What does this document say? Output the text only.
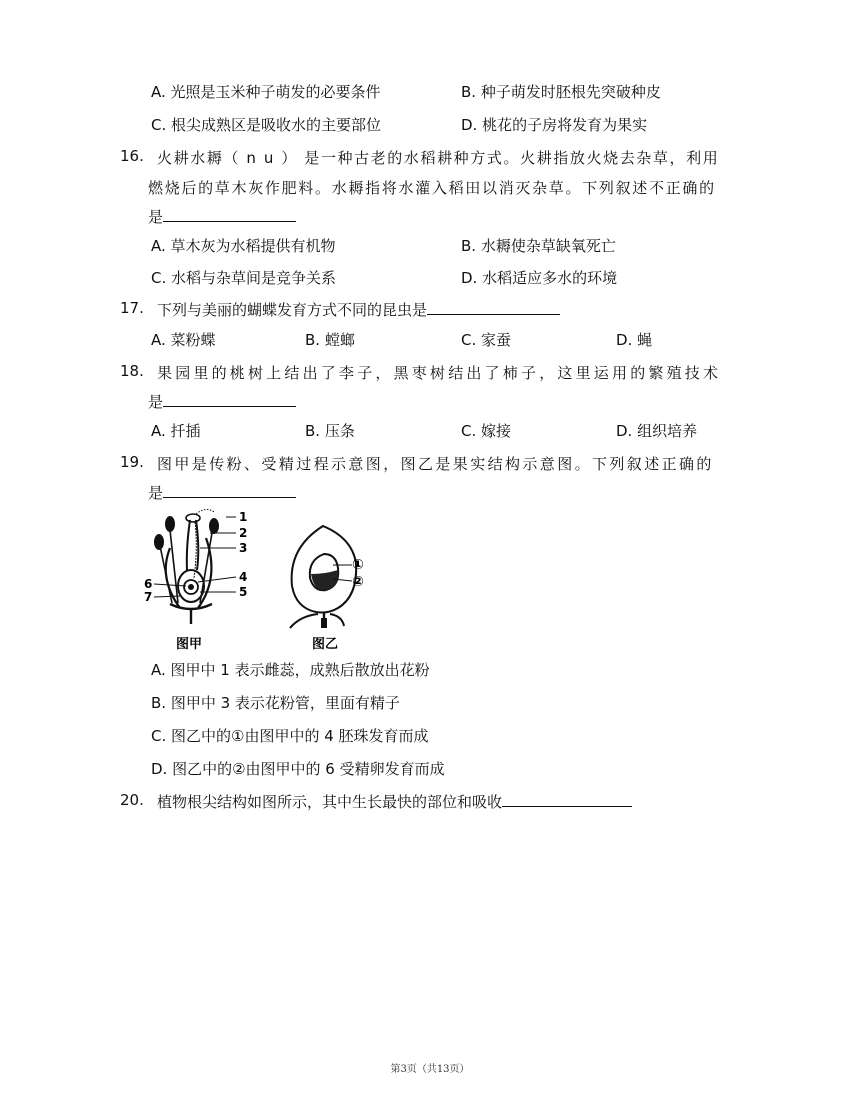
A. 光照是玉米种子萌发的必要条件	B. 种子萌发时胚根先突破种皮
C. 根尖成熟区是吸收水的主要部位	D. 桃花的子房将发育为果实
16. 火耕水耨（ n u ） 是一种古老的水稻耕种方式。火耕指放火烧去杂草，利用
燃烧后的草木灰作肥料。水耨指将水灌入稻田以消灭杂草。下列叙述不正确的
是
A. 草木灰为水稻提供有机物	B. 水耨使杂草缺氧死亡
C. 水稻与杂草间是竞争关系	D. 水稻适应多水的环境
17. 下列与美丽的蝴蝶发育方式不同的昆虫是
A. 菜粉蝶	B. 螳螂	C. 家蚕	D. 蝇
18. 果园里的桃树上结出了李子，黑枣树结出了柿子，这里运用的繁殖技术
是
A. 扦插	B. 压条	C. 嫁接	D. 组织培养
19. 图甲是传粉、受精过程示意图，图乙是果实结构示意图。下列叙述正确的
是
1
2
3
4
5
6
7
图甲
①
②
图乙
A. 图甲中 1 表示雌蕊，成熟后散放出花粉
B. 图甲中 3 表示花粉管，里面有精子
C. 图乙中的①由图甲中的 4 胚珠发育而成
D. 图乙中的②由图甲中的 6 受精卵发育而成
20. 植物根尖结构如图所示，其中生长最快的部位和吸收
第3页（共13页）
